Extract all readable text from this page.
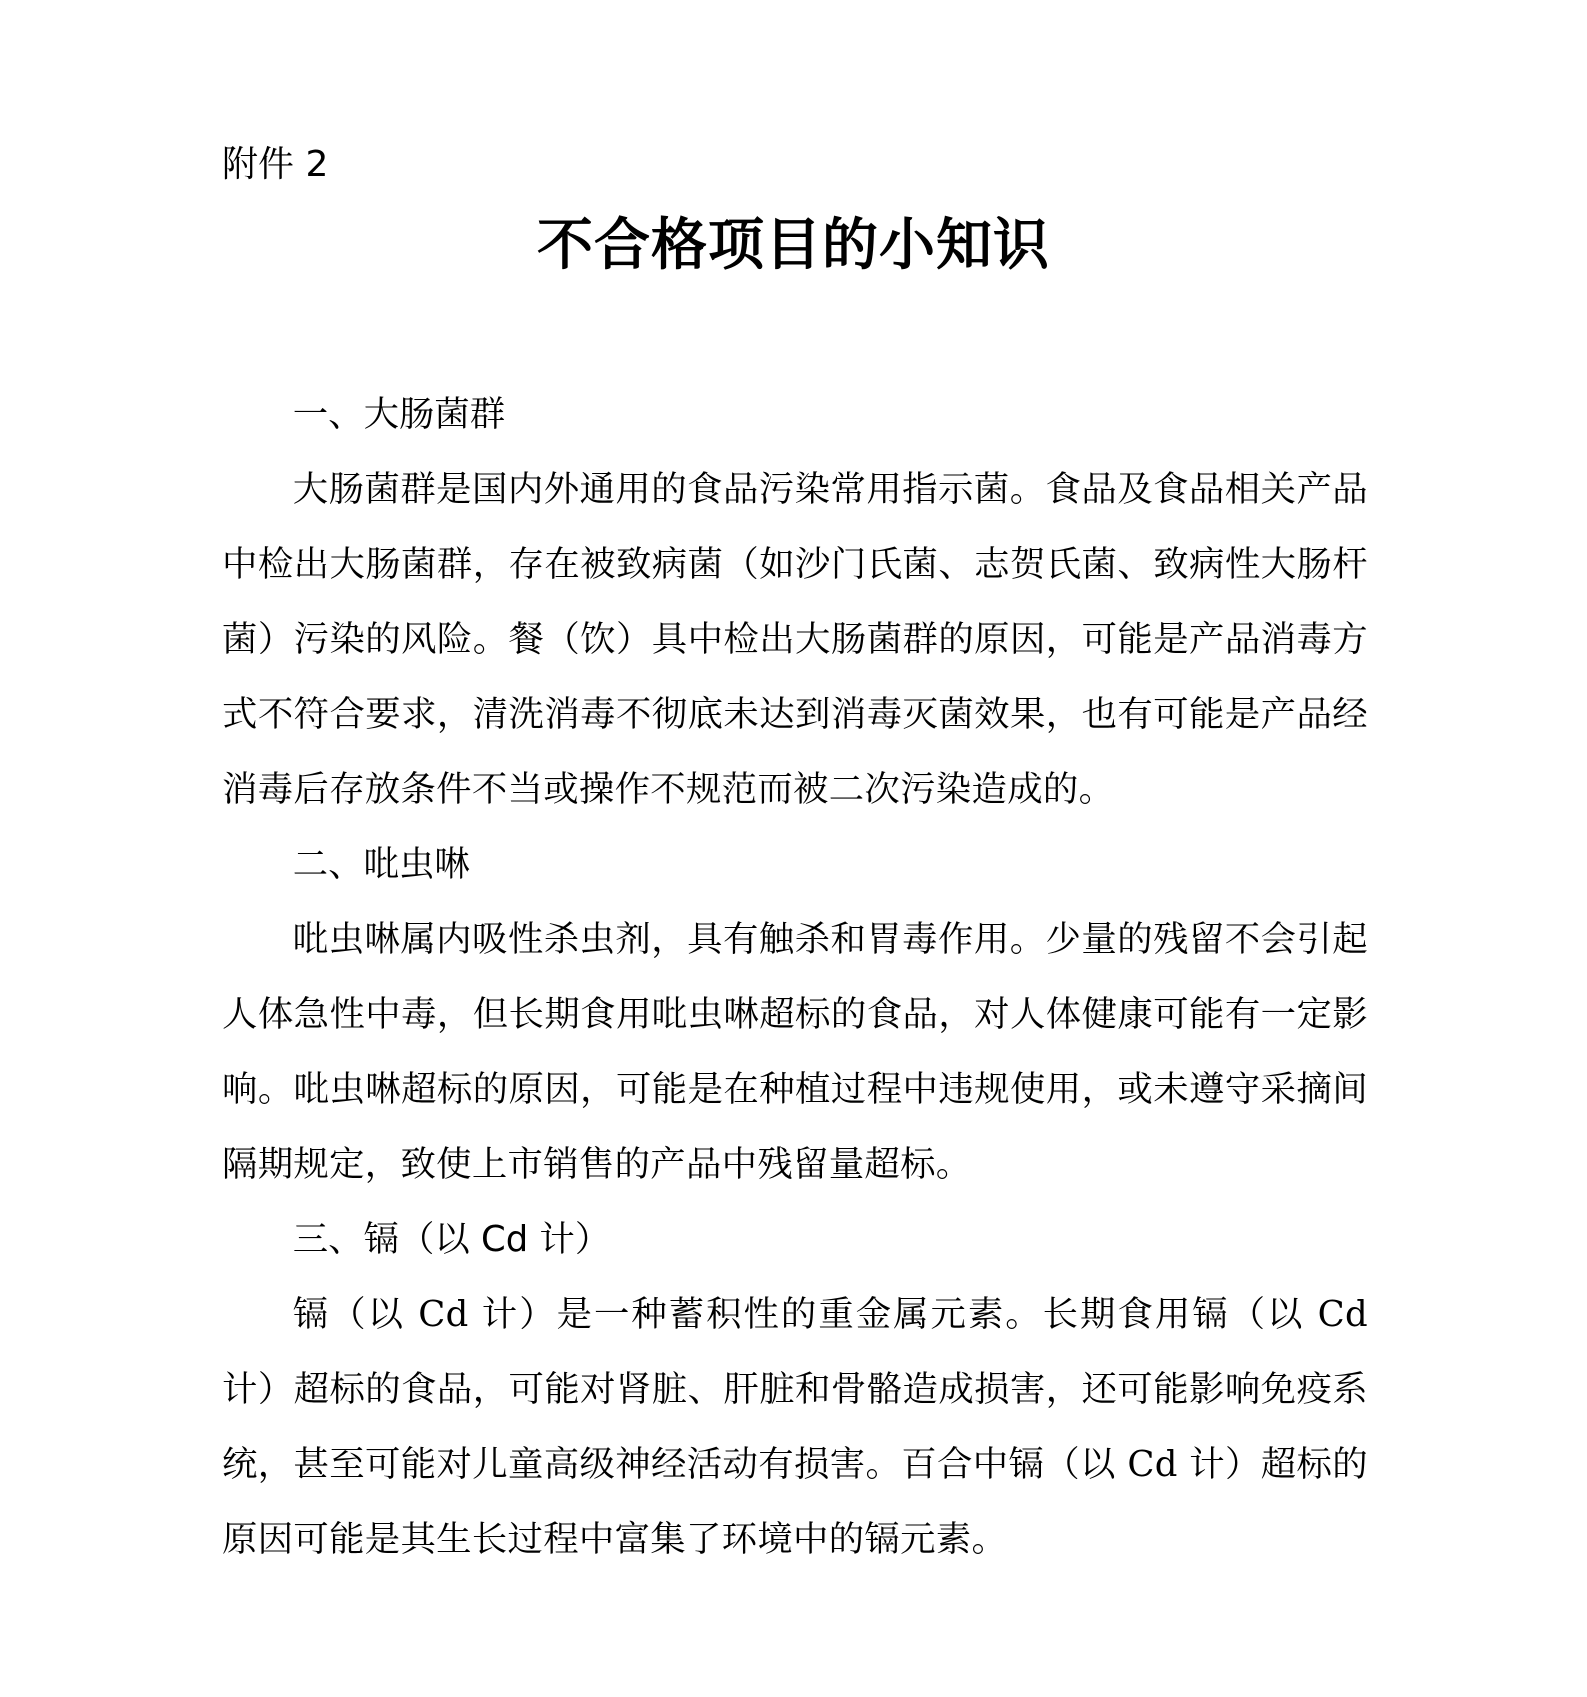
附件 2

不合格项目的小知识
一、大肠菌群

大肠菌群是国内外通用的食品污染常用指示菌。食品及食品相关产品中检出大肠菌群，存在被致病菌（如沙门氏菌、志贺氏菌、致病性大肠杆菌）污染的风险。餐（饮）具中检出大肠菌群的原因，可能是产品消毒方式不符合要求，清洗消毒不彻底未达到消毒灭菌效果，也有可能是产品经消毒后存放条件不当或操作不规范而被二次污染造成的。

二、吡虫啉

吡虫啉属内吸性杀虫剂，具有触杀和胃毒作用。少量的残留不会引起人体急性中毒，但长期食用吡虫啉超标的食品，对人体健康可能有一定影响。吡虫啉超标的原因，可能是在种植过程中违规使用，或未遵守采摘间隔期规定，致使上市销售的产品中残留量超标。

三、镉（以 Cd 计）

镉（以 Cd 计）是一种蓄积性的重金属元素。长期食用镉（以 Cd 计）超标的食品，可能对肾脏、肝脏和骨骼造成损害，还可能影响免疫系统，甚至可能对儿童高级神经活动有损害。百合中镉（以 Cd 计）超标的原因可能是其生长过程中富集了环境中的镉元素。
